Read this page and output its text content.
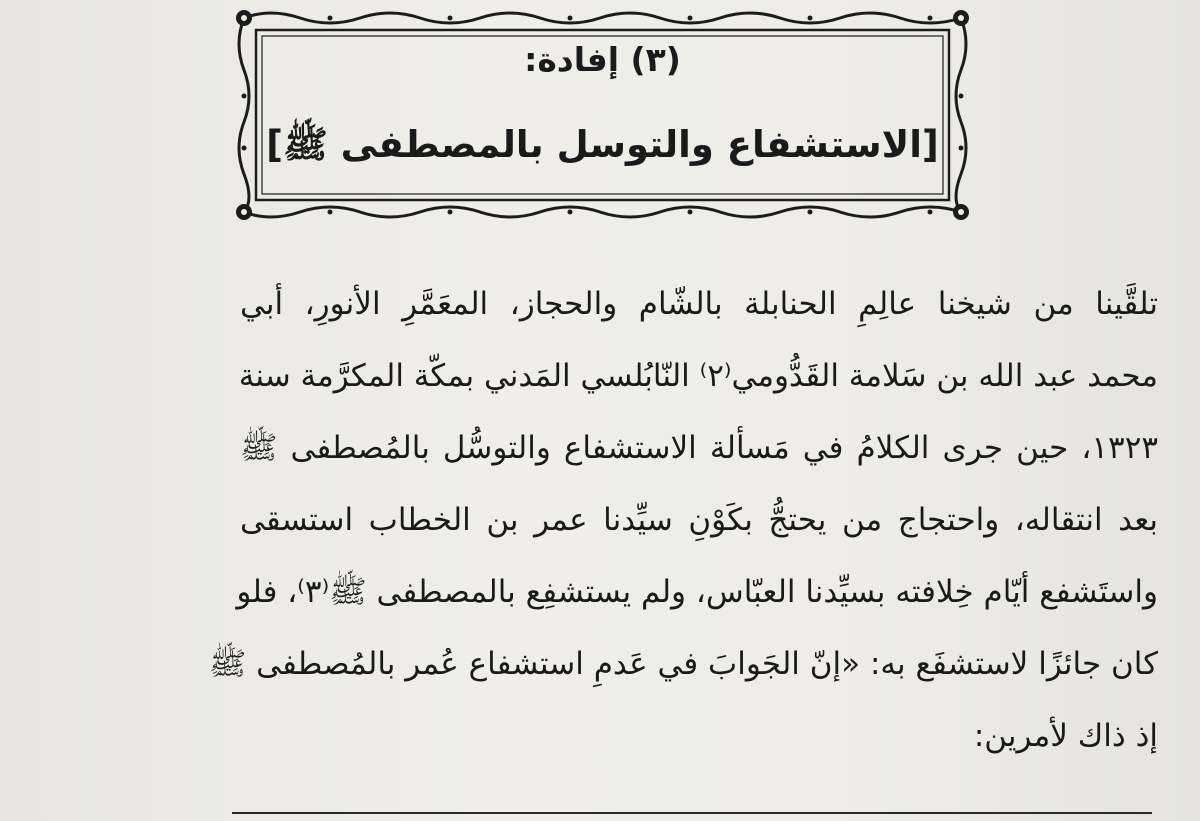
(٣) إفادة:
[الاستشفاع والتوسل بالمصطفى ﷺ]
تلقَّينا من شيخنا عالِمِ الحنابلة بالشّام والحجاز، المعَمَّرِ الأنورِ، أبي
محمد عبد الله بن سَلامة القَدُّومي⁽٢⁾ النّابُلسي المَدني بمكّة المكرَّمة سنة
١٣٢٣، حين جرى الكلامُ في مَسألة الاستشفاع والتوسُّل بالمُصطفى ﷺ
بعد انتقاله، واحتجاج من يحتجُّ بكَوْنِ سيِّدنا عمر بن الخطاب استسقى
واستَشفع أيّام خِلافته بسيِّدنا العبّاس، ولم يستشفِع بالمصطفى ﷺ⁽٣⁾، فلو
كان جائزًا لاستشفَع به: «إنّ الجَوابَ في عَدمِ استشفاع عُمر بالمُصطفى ﷺ
إذ ذاك لأمرين:
